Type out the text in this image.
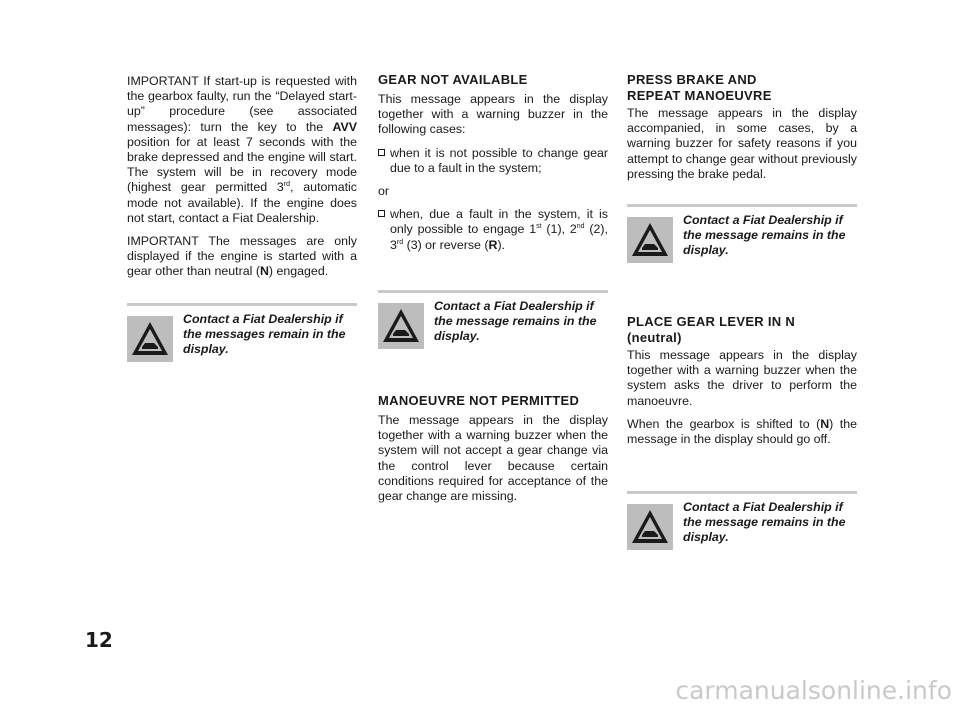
IMPORTANT If start-up is requested with the gearbox faulty, run the “Delayed start-up” procedure (see associated messages): turn the key to the AVV position for at least 7 seconds with the brake depressed and the engine will start. The system will be in recovery mode (highest gear permitted 3rd, automatic mode not available). If the engine does not start, contact a Fiat Dealership.

IMPORTANT The messages are only displayed if the engine is started with a gear other than neutral (N) engaged.

Contact a Fiat Dealership if the messages remain in the display.
GEAR NOT AVAILABLE

This message appears in the display together with a warning buzzer in the following cases:

when it is not possible to change gear due to a fault in the system;

or

when, due a fault in the system, it is only possible to engage 1st (1), 2nd (2), 3rd (3) or reverse (R).
Contact a Fiat Dealership if the message remains in the display.
MANOEUVRE NOT PERMITTED

The message appears in the display together with a warning buzzer when the system will not accept a gear change via the control lever because certain conditions required for acceptance of the gear change are missing.

PRESS BRAKE AND
REPEAT MANOEUVRE

The message appears in the display accompanied, in some cases, by a warning buzzer for safety reasons if you attempt to change gear without previously pressing the brake pedal.

Contact a Fiat Dealership if the message remains in the display.
PLACE GEAR LEVER IN N
(neutral)

This message appears in the display together with a warning buzzer when the system asks the driver to perform the manoeuvre.

When the gearbox is shifted to (N) the message in the display should go off.

Contact a Fiat Dealership if the message remains in the display.
12
carmanualsonline.info
